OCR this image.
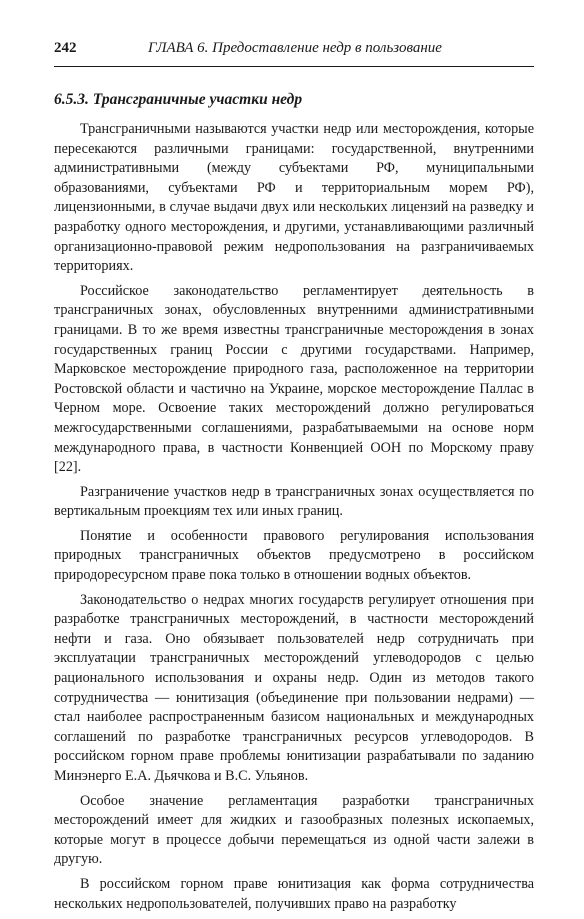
242	ГЛАВА 6. Предоставление недр в пользование
6.5.3. Трансграничные участки недр

Трансграничными называются участки недр или месторождения, которые пересекаются различными границами: государственной, внутренними административными (между субъектами РФ, муниципальными образованиями, субъектами РФ и территориальным морем РФ), лицензионными, в случае выдачи двух или нескольких лицензий на разведку и разработку одного месторождения, и другими, устанавливающими различный организационно-правовой режим недропользования на разграничиваемых территориях.

Российское законодательство регламентирует деятельность в трансграничных зонах, обусловленных внутренними административными границами. В то же время известны трансграничные месторождения в зонах государственных границ России с другими государствами. Например, Марковское месторождение природного газа, расположенное на территории Ростовской области и частично на Украине, морское месторождение Паллас в Черном море. Освоение таких месторождений должно регулироваться межгосударственными соглашениями, разрабатываемыми на основе норм международного права, в частности Конвенцией ООН по Морскому праву [22].

Разграничение участков недр в трансграничных зонах осуществляется по вертикальным проекциям тех или иных границ.

Понятие и особенности правового регулирования использования природных трансграничных объектов предусмотрено в российском природоресурсном праве пока только в отношении водных объектов.

Законодательство о недрах многих государств регулирует отношения при разработке трансграничных месторождений, в частности месторождений нефти и газа. Оно обязывает пользователей недр сотрудничать при эксплуатации трансграничных месторождений углеводородов с целью рационального использования и охраны недр. Один из методов такого сотрудничества — юнитизация (объединение при пользовании недрами) — стал наиболее распространенным базисом национальных и международных соглашений по разработке трансграничных ресурсов углеводородов. В российском горном праве проблемы юнитизации разрабатывали по заданию Минэнерго Е.А. Дьячкова и В.С. Ульянов.

Особое значение регламентация разработки трансграничных месторождений имеет для жидких и газообразных полезных ископаемых, которые могут в процессе добычи перемещаться из одной части залежи в другую.

В российском горном праве юнитизация как форма сотрудничества нескольких недропользователей, получивших право на разработку
